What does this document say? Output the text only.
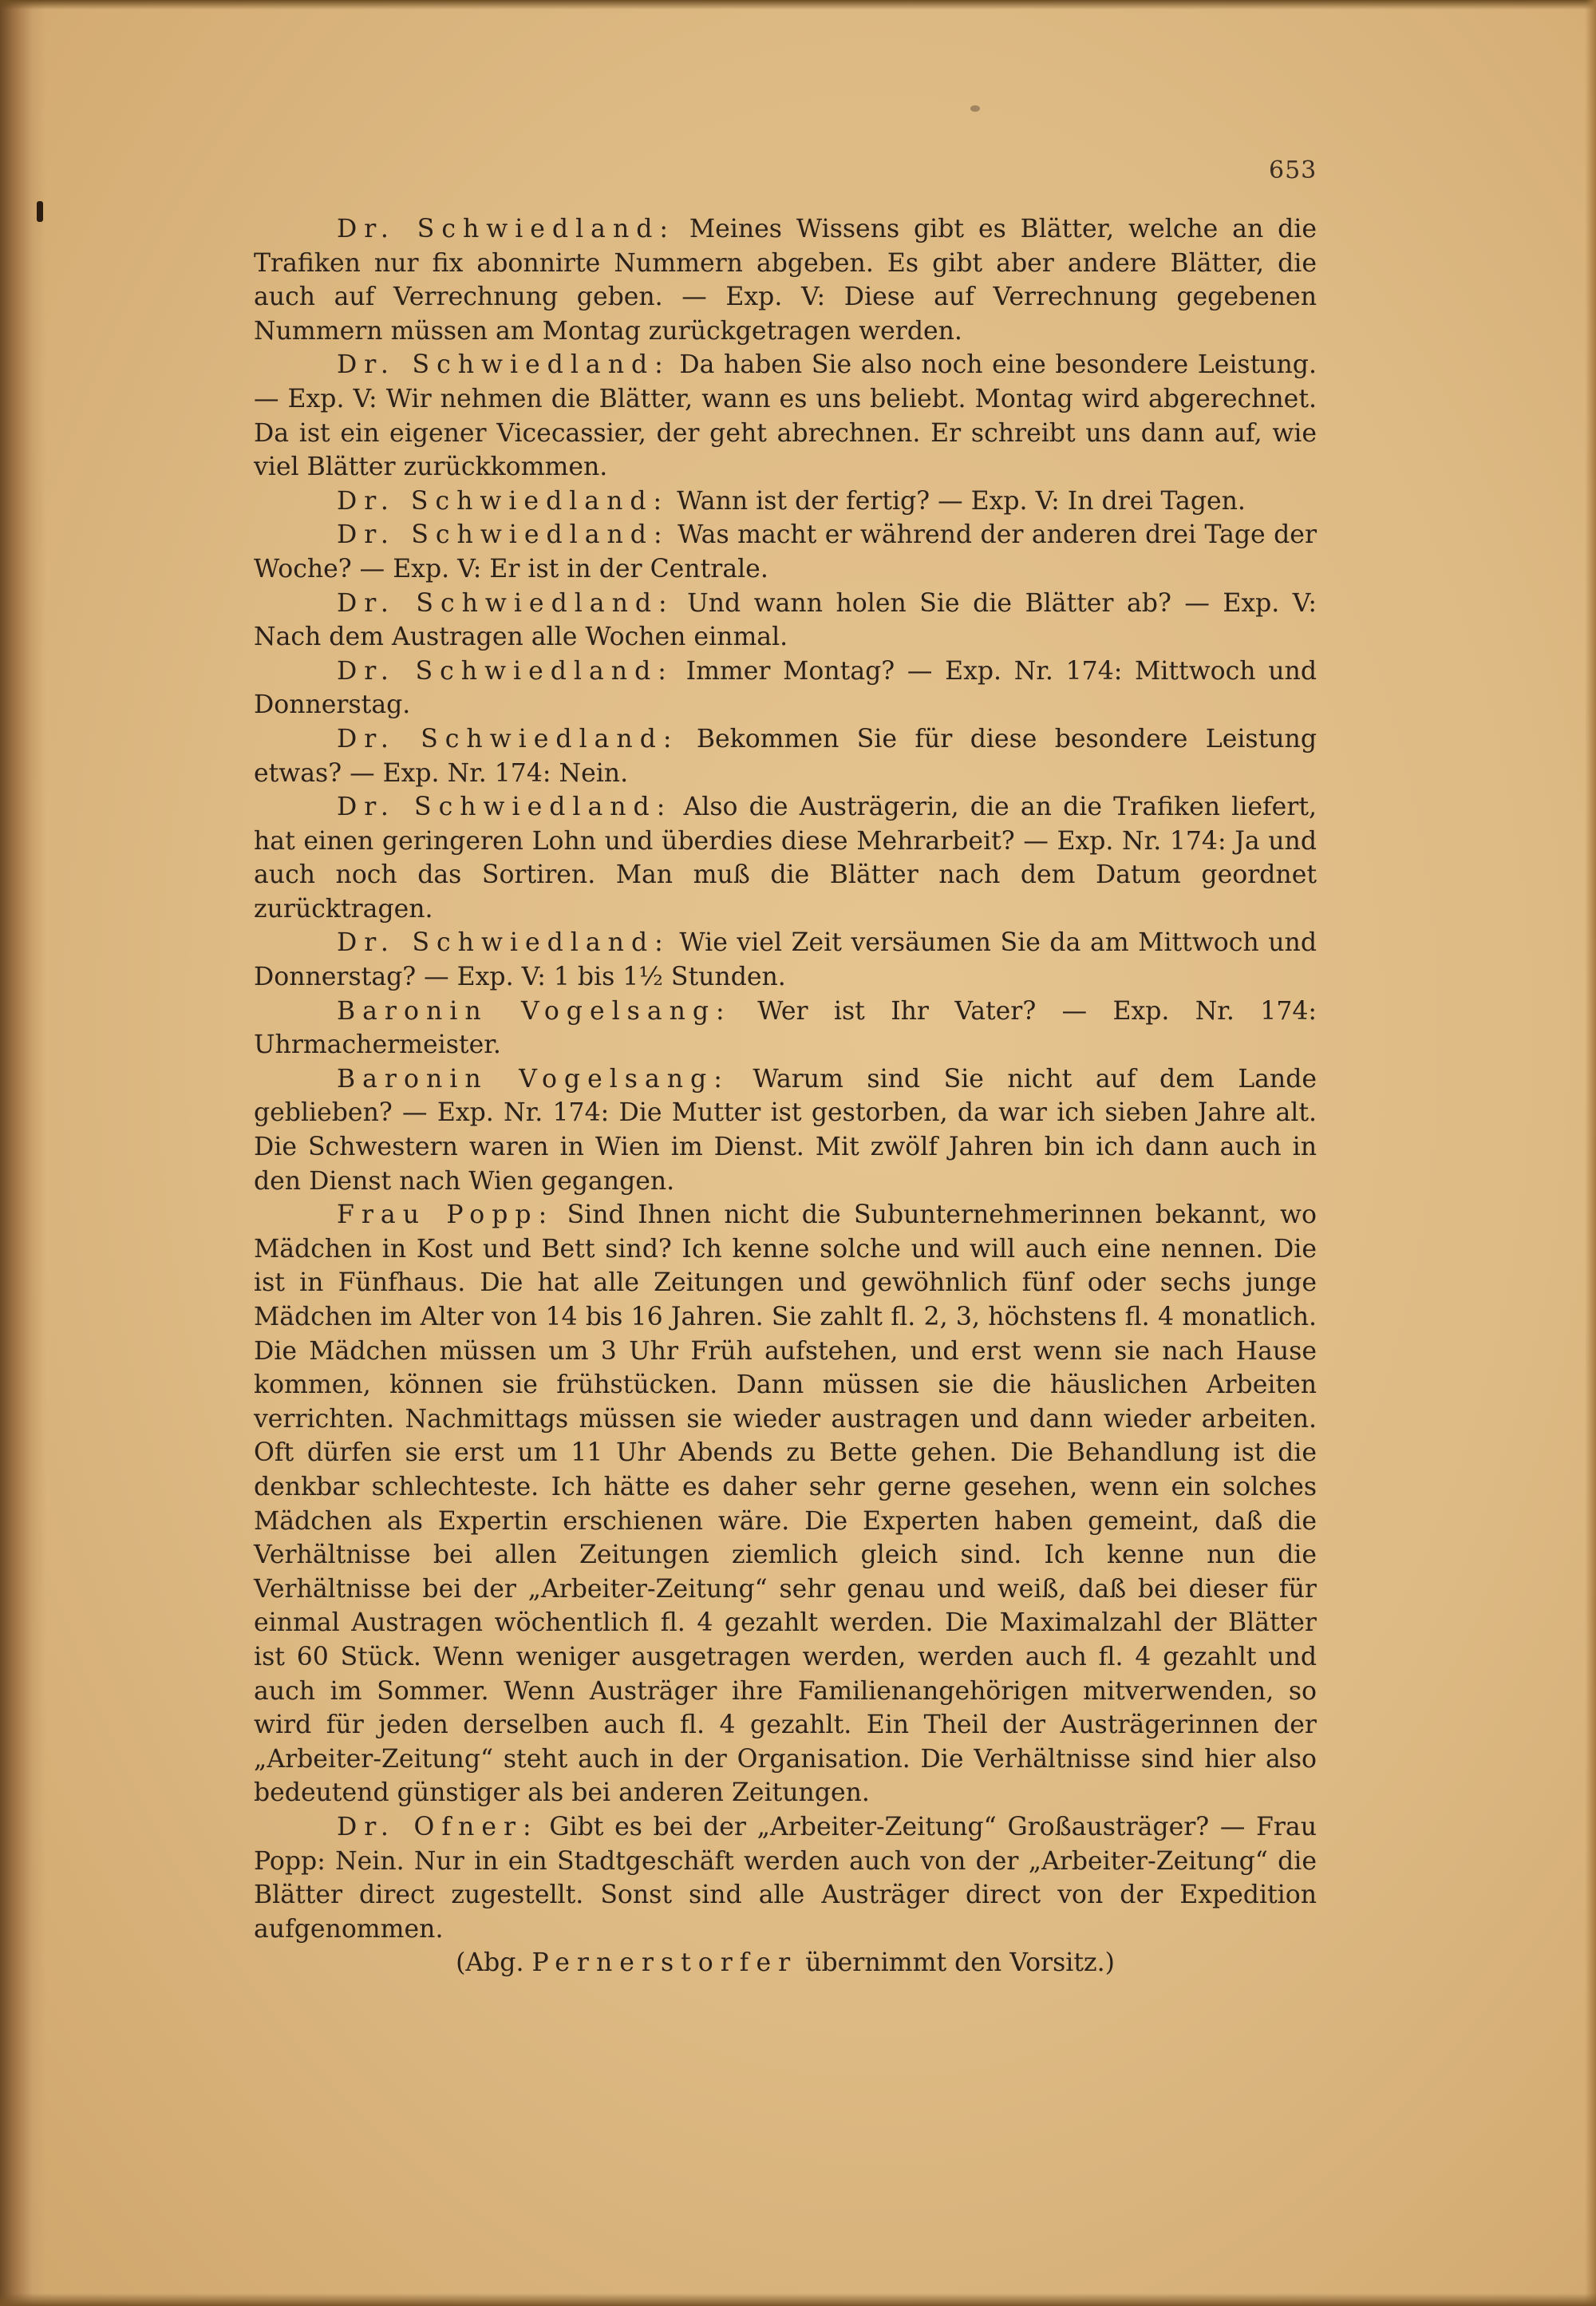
653

Dr. Schwiedland: Meines Wissens gibt es Blätter, welche an die Trafiken nur fix abonnirte Nummern abgeben. Es gibt aber andere Blätter, die auch auf Verrechnung geben. — Exp. V: Diese auf Verrechnung gegebenen Nummern müssen am Montag zurückgetragen werden.

Dr. Schwiedland: Da haben Sie also noch eine besondere Leistung. — Exp. V: Wir nehmen die Blätter, wann es uns beliebt. Montag wird abgerechnet. Da ist ein eigener Vicecassier, der geht abrechnen. Er schreibt uns dann auf, wie viel Blätter zurückkommen.

Dr. Schwiedland: Wann ist der fertig? — Exp. V: In drei Tagen.

Dr. Schwiedland: Was macht er während der anderen drei Tage der Woche? — Exp. V: Er ist in der Centrale.

Dr. Schwiedland: Und wann holen Sie die Blätter ab? — Exp. V: Nach dem Austragen alle Wochen einmal.

Dr. Schwiedland: Immer Montag? — Exp. Nr. 174: Mittwoch und Donnerstag.

Dr. Schwiedland: Bekommen Sie für diese besondere Leistung etwas? — Exp. Nr. 174: Nein.

Dr. Schwiedland: Also die Austrägerin, die an die Trafiken liefert, hat einen geringeren Lohn und überdies diese Mehrarbeit? — Exp. Nr. 174: Ja und auch noch das Sortiren. Man muß die Blätter nach dem Datum geordnet zurücktragen.

Dr. Schwiedland: Wie viel Zeit versäumen Sie da am Mittwoch und Donnerstag? — Exp. V: 1 bis 1½ Stunden.

Baronin Vogelsang: Wer ist Ihr Vater? — Exp. Nr. 174: Uhrmachermeister.

Baronin Vogelsang: Warum sind Sie nicht auf dem Lande geblieben? — Exp. Nr. 174: Die Mutter ist gestorben, da war ich sieben Jahre alt. Die Schwestern waren in Wien im Dienst. Mit zwölf Jahren bin ich dann auch in den Dienst nach Wien gegangen.

Frau Popp: Sind Ihnen nicht die Subunternehmerinnen bekannt, wo Mädchen in Kost und Bett sind? Ich kenne solche und will auch eine nennen. Die ist in Fünfhaus. Die hat alle Zeitungen und gewöhnlich fünf oder sechs junge Mädchen im Alter von 14 bis 16 Jahren. Sie zahlt fl. 2, 3, höchstens fl. 4 monatlich. Die Mädchen müssen um 3 Uhr Früh aufstehen, und erst wenn sie nach Hause kommen, können sie frühstücken. Dann müssen sie die häuslichen Arbeiten verrichten. Nachmittags müssen sie wieder austragen und dann wieder arbeiten. Oft dürfen sie erst um 11 Uhr Abends zu Bette gehen. Die Behandlung ist die denkbar schlechteste. Ich hätte es daher sehr gerne gesehen, wenn ein solches Mädchen als Expertin erschienen wäre. Die Experten haben gemeint, daß die Verhältnisse bei allen Zeitungen ziemlich gleich sind. Ich kenne nun die Verhältnisse bei der „Arbeiter-Zeitung“ sehr genau und weiß, daß bei dieser für einmal Austragen wöchentlich fl. 4 gezahlt werden. Die Maximalzahl der Blätter ist 60 Stück. Wenn weniger ausgetragen werden, werden auch fl. 4 gezahlt und auch im Sommer. Wenn Austräger ihre Familienangehörigen mitverwenden, so wird für jeden derselben auch fl. 4 gezahlt. Ein Theil der Austrägerinnen der „Arbeiter-Zeitung“ steht auch in der Organisation. Die Verhältnisse sind hier also bedeutend günstiger als bei anderen Zeitungen.

Dr. Ofner: Gibt es bei der „Arbeiter-Zeitung“ Großausträger? — Frau Popp: Nein. Nur in ein Stadtgeschäft werden auch von der „Arbeiter-Zeitung“ die Blätter direct zugestellt. Sonst sind alle Austräger direct von der Expedition aufgenommen.

(Abg. Pernerstorfer übernimmt den Vorsitz.)
